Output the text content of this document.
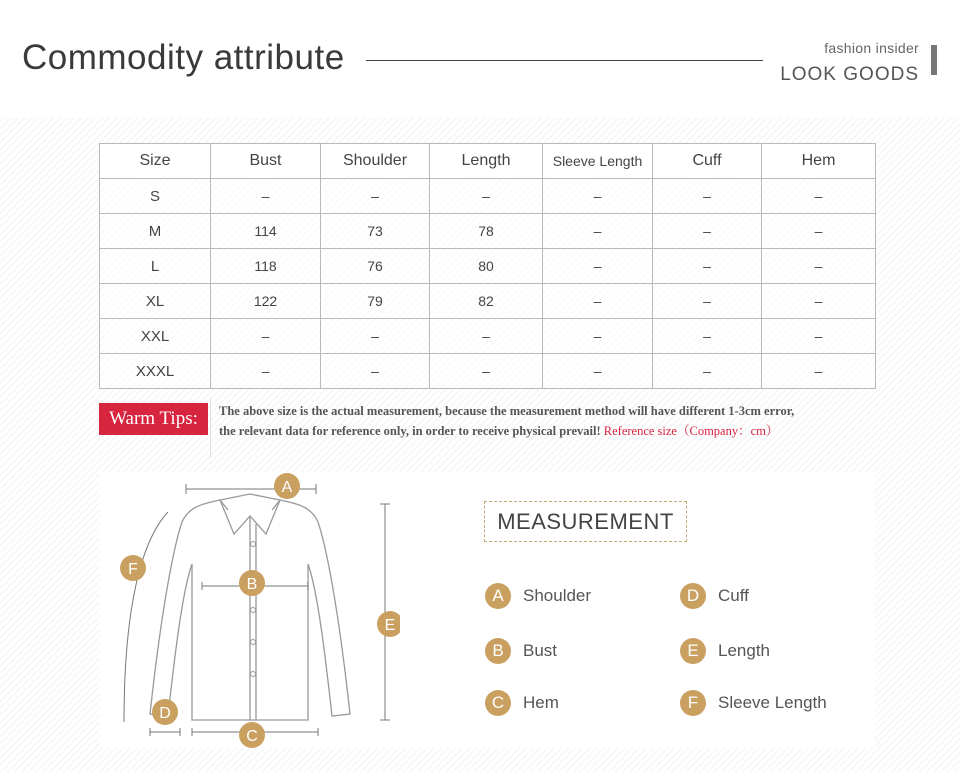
Commodity attribute	fashion insider
LOOK GOODS
Size	Bust	Shoulder	Length	Sleeve Length	Cuff	Hem
S	–	–	–	–	–	–
M	114	73	78	–	–	–
L	118	76	80	–	–	–
XL	122	79	82	–	–	–
XXL	–	–	–	–	–	–
XXXL	–	–	–	–	–	–
Warm Tips:	The above size is the actual measurement, because the measurement method will have different 1-3cm error,
the relevant data for reference only, in order to receive physical prevail! Reference size（Company：cm）
A
B
C
D
E
F
MEASUREMENT
A	Shoulder
B	Bust
C	Hem
D	Cuff
E	Length
F	Sleeve Length
